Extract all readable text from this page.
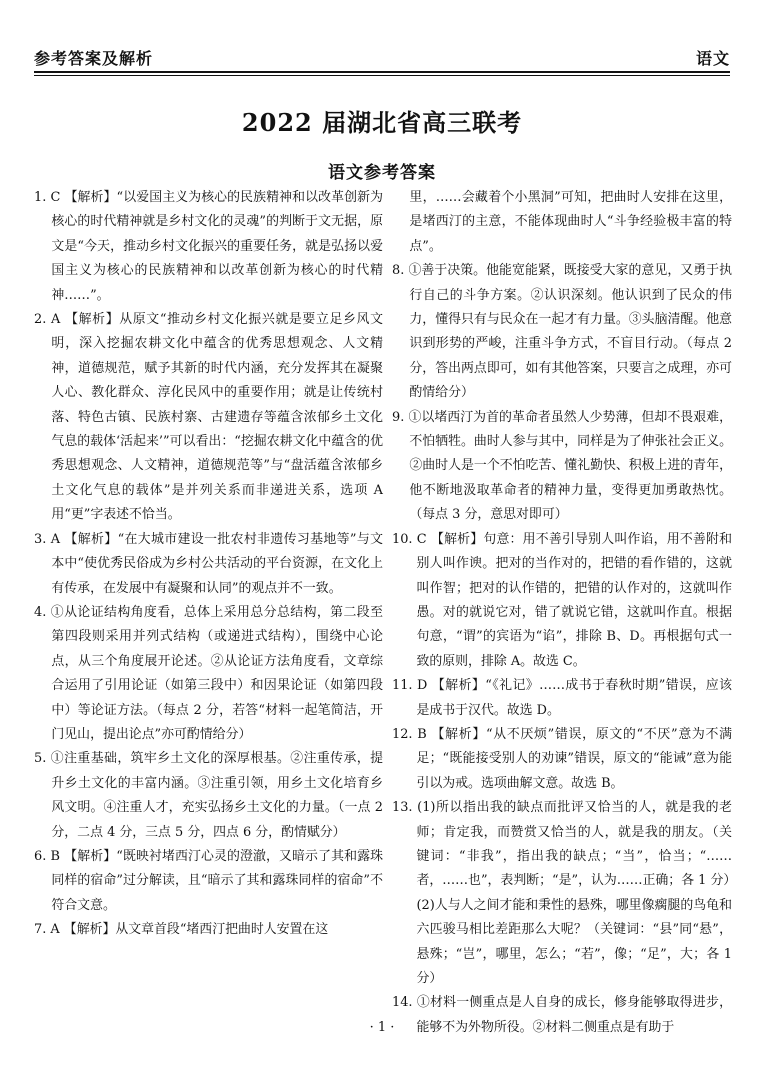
参考答案及解析	语文
2022 届湖北省高三联考
语文参考答案

1. C 【解析】“以爱国主义为核心的民族精神和以改革创新为核心的时代精神就是乡村文化的灵魂”的判断于文无据，原文是“今天，推动乡村文化振兴的重要任务，就是弘扬以爱国主义为核心的民族精神和以改革创新为核心的时代精神……”。

2. A 【解析】从原文“推动乡村文化振兴就是要立足乡风文明，深入挖掘农耕文化中蕴含的优秀思想观念、人文精神，道德规范，赋予其新的时代内涵，充分发挥其在凝聚人心、教化群众、淳化民风中的重要作用；就是让传统村落、特色古镇、民族村寨、古建遗存等蕴含浓郁乡土文化气息的载体‘活起来’”可以看出：“挖掘农耕文化中蕴含的优秀思想观念、人文精神，道德规范等”与“盘活蕴含浓郁乡土文化气息的载体”是并列关系而非递进关系，选项 A 用“更”字表述不恰当。

3. A 【解析】“在大城市建设一批农村非遗传习基地等”与文本中“使优秀民俗成为乡村公共活动的平台资源，在文化上有传承，在发展中有凝聚和认同”的观点并不一致。

4. ①从论证结构角度看，总体上采用总分总结构，第二段至第四段则采用并列式结构（或递进式结构），围绕中心论点，从三个角度展开论述。②从论证方法角度看，文章综合运用了引用论证（如第三段中）和因果论证（如第四段中）等论证方法。（每点 2 分，若答“材料一起笔简洁，开门见山，提出论点”亦可酌情给分）

5. ①注重基础，筑牢乡土文化的深厚根基。②注重传承，提升乡土文化的丰富内涵。③注重引领，用乡土文化培育乡风文明。④注重人才，充实弘扬乡土文化的力量。（一点 2 分，二点 4 分，三点 5 分，四点 6 分，酌情赋分）

6. B 【解析】“既映衬堵西汀心灵的澄澈，又暗示了其和露珠同样的宿命”过分解读，且“暗示了其和露珠同样的宿命”不符合文意。

7. A 【解析】从文章首段“堵西汀把曲时人安置在这

里，……会藏着个小黑洞”可知，把曲时人安排在这里，是堵西汀的主意，不能体现曲时人“斗争经验极丰富的特点”。

8. ①善于决策。他能宽能紧，既接受大家的意见，又勇于执行自己的斗争方案。②认识深刻。他认识到了民众的伟力，懂得只有与民众在一起才有力量。③头脑清醒。他意识到形势的严峻，注重斗争方式，不盲目行动。（每点 2 分，答出两点即可，如有其他答案，只要言之成理，亦可酌情给分）

9. ①以堵西汀为首的革命者虽然人少势薄，但却不畏艰难，不怕牺牲。曲时人参与其中，同样是为了伸张社会正义。②曲时人是一个不怕吃苦、懂礼勤快、积极上进的青年，他不断地汲取革命者的精神力量，变得更加勇敢热忱。（每点 3 分，意思对即可）

10. C 【解析】句意：用不善引导别人叫作谄，用不善附和别人叫作谀。把对的当作对的，把错的看作错的，这就叫作智；把对的认作错的，把错的认作对的，这就叫作愚。对的就说它对，错了就说它错，这就叫作直。根据句意，“谓”的宾语为“谄”，排除 B、D。再根据句式一致的原则，排除 A。故选 C。

11. D 【解析】“《礼记》……成书于春秋时期”错误，应该是成书于汉代。故选 D。

12. B 【解析】“从不厌烦”错误，原文的“不厌”意为不满足；“既能接受别人的劝谏”错误，原文的“能诫”意为能引以为戒。选项曲解文意。故选 B。

13. (1)所以指出我的缺点而批评又恰当的人，就是我的老师；肯定我，而赞赏又恰当的人，就是我的朋友。（关键词：“非我”，指出我的缺点；“当”，恰当；“……者，……也”，表判断；“是”，认为……正确；各 1 分）

(2)人与人之间才能和秉性的悬殊，哪里像瘸腿的鸟龟和六匹骏马相比差距那么大呢？（关键词：“县”同“悬”，悬殊；“岂”，哪里，怎么；“若”，像；“足”，大；各 1 分）

14. ①材料一侧重点是人自身的成长，修身能够取得进步，能够不为外物所役。②材料二侧重点是有助于

· 1 ·
